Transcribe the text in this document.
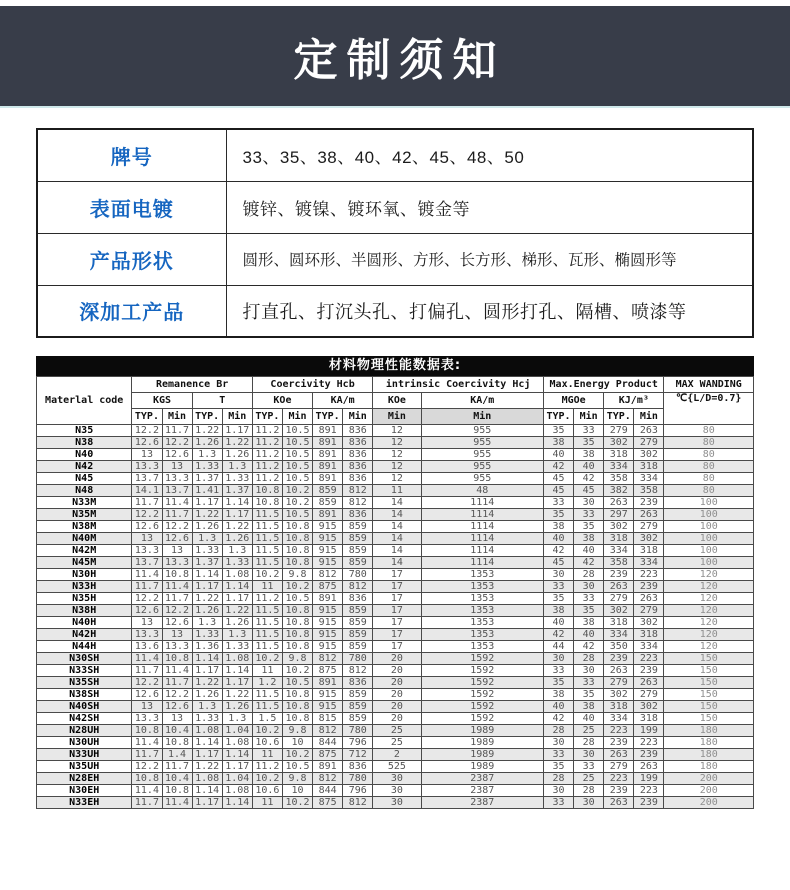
定制须知
牌号	33、35、38、40、42、45、48、50
表面电镀	镀锌、镀镍、镀环氧、镀金等
产品形状	圆形、圆环形、半圆形、方形、长方形、梯形、瓦形、椭圆形等
深加工产品	打直孔、打沉头孔、打偏孔、圆形打孔、隔槽、喷漆等
材料物理性能数据表:
Materlal code	Remanence Br				Coercivity Hcb				intrinsic Coercivity Hcj		Max.Energy Product				MAX WANDING
	KGS		T		KOe		KA/m		KOe	KA/m	MGOe		KJ/m³		℃{L/D=0.7}
	TYP.	Min	TYP.	Min	TYP.	Min	TYP.	Min	Min	Min	TYP.	Min	TYP.	Min	
N35	12.2	11.7	1.22	1.17	11.2	10.5	891	836	12	955	35	33	279	263	80
N38	12.6	12.2	1.26	1.22	11.2	10.5	891	836	12	955	38	35	302	279	80
N40	13	12.6	1.3	1.26	11.2	10.5	891	836	12	955	40	38	318	302	80
N42	13.3	13	1.33	1.3	11.2	10.5	891	836	12	955	42	40	334	318	80
N45	13.7	13.3	1.37	1.33	11.2	10.5	891	836	12	955	45	42	358	334	80
N48	14.1	13.7	1.41	1.37	10.8	10.2	859	812	11	48	45	45	382	358	80
N33M	11.7	11.4	1.17	1.14	10.8	10.2	859	812	14	1114	33	30	263	239	100
N35M	12.2	11.7	1.22	1.17	11.5	10.5	891	836	14	1114	35	33	297	263	100
N38M	12.6	12.2	1.26	1.22	11.5	10.8	915	859	14	1114	38	35	302	279	100
N40M	13	12.6	1.3	1.26	11.5	10.8	915	859	14	1114	40	38	318	302	100
N42M	13.3	13	1.33	1.3	11.5	10.8	915	859	14	1114	42	40	334	318	100
N45M	13.7	13.3	1.37	1.33	11.5	10.8	915	859	14	1114	45	42	358	334	100
N30H	11.4	10.8	1.14	1.08	10.2	9.8	812	780	17	1353	30	28	239	223	120
N33H	11.7	11.4	1.17	1.14	11	10.2	875	812	17	1353	33	30	263	239	120
N35H	12.2	11.7	1.22	1.17	11.2	10.5	891	836	17	1353	35	33	279	263	120
N38H	12.6	12.2	1.26	1.22	11.5	10.8	915	859	17	1353	38	35	302	279	120
N40H	13	12.6	1.3	1.26	11.5	10.8	915	859	17	1353	40	38	318	302	120
N42H	13.3	13	1.33	1.3	11.5	10.8	915	859	17	1353	42	40	334	318	120
N44H	13.6	13.3	1.36	1.33	11.5	10.8	915	859	17	1353	44	42	350	334	120
N30SH	11.4	10.8	1.14	1.08	10.2	9.8	812	780	20	1592	30	28	239	223	150
N33SH	11.7	11.4	1.17	1.14	11	10.2	875	812	20	1592	33	30	263	239	150
N35SH	12.2	11.7	1.22	1.17	1.2	10.5	891	836	20	1592	35	33	279	263	150
N38SH	12.6	12.2	1.26	1.22	11.5	10.8	915	859	20	1592	38	35	302	279	150
N40SH	13	12.6	1.3	1.26	11.5	10.8	915	859	20	1592	40	38	318	302	150
N42SH	13.3	13	1.33	1.3	1.5	10.8	815	859	20	1592	42	40	334	318	150
N28UH	10.8	10.4	1.08	1.04	10.2	9.8	812	780	25	1989	28	25	223	199	180
N30UH	11.4	10.8	1.14	1.08	10.6	10	844	796	25	1989	30	28	239	223	180
N33UH	11.7	1.4	1.17	1.14	11	10.2	875	712	2	1989	33	30	263	239	180
N35UH	12.2	11.7	1.22	1.17	11.2	10.5	891	836	525	1989	35	33	279	263	180
N28EH	10.8	10.4	1.08	1.04	10.2	9.8	812	780	30	2387	28	25	223	199	200
N30EH	11.4	10.8	1.14	1.08	10.6	10	844	796	30	2387	30	28	239	223	200
N33EH	11.7	11.4	1.17	1.14	11	10.2	875	812	30	2387	33	30	263	239	200
